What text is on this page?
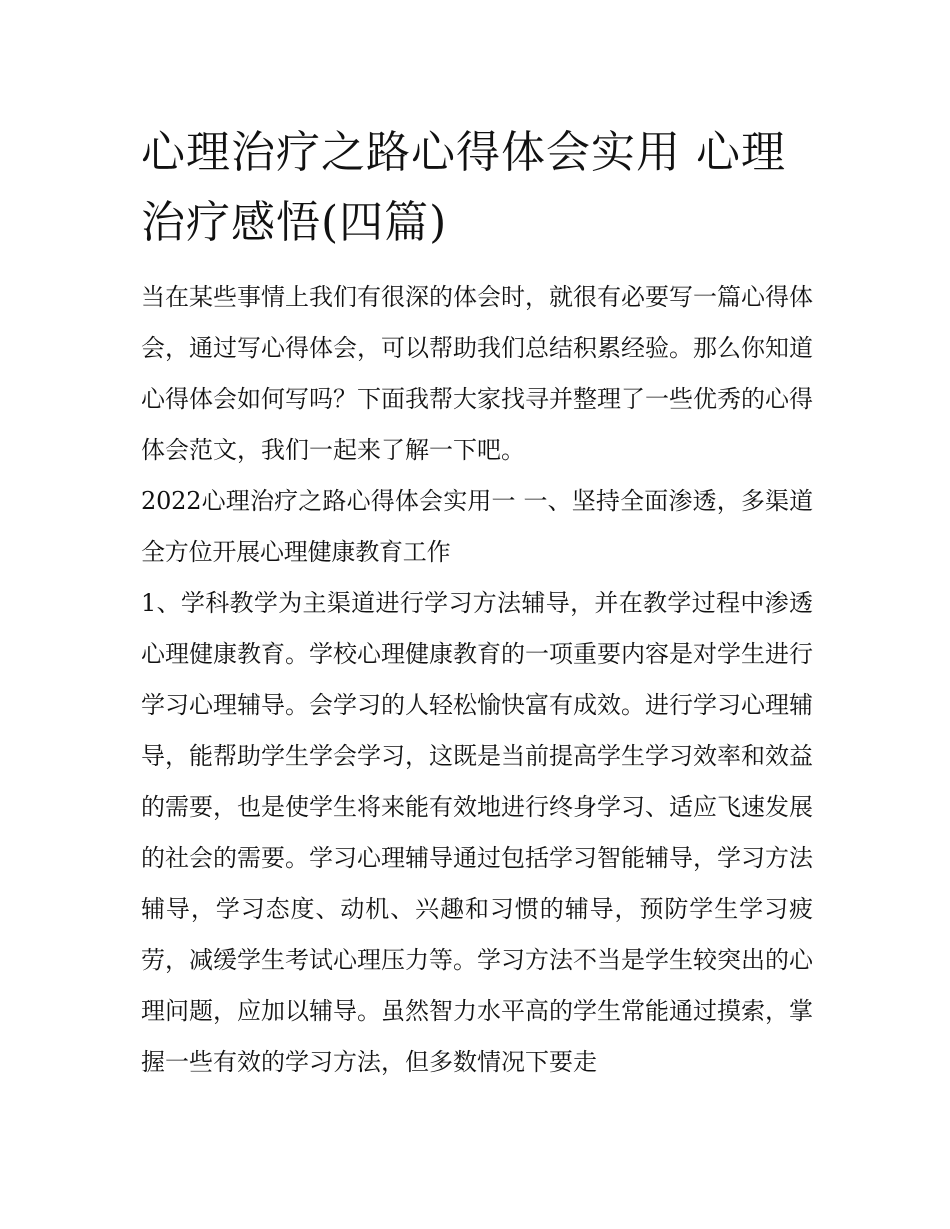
心理治疗之路心得体会实用 心理治疗感悟(四篇)

当在某些事情上我们有很深的体会时，就很有必要写一篇心得体会，通过写心得体会，可以帮助我们总结积累经验。那么你知道心得体会如何写吗？下面我帮大家找寻并整理了一些优秀的心得体会范文，我们一起来了解一下吧。

2022心理治疗之路心得体会实用一 一、坚持全面渗透，多渠道全方位开展心理健康教育工作

1、学科教学为主渠道进行学习方法辅导，并在教学过程中渗透心理健康教育。学校心理健康教育的一项重要内容是对学生进行学习心理辅导。会学习的人轻松愉快富有成效。进行学习心理辅导，能帮助学生学会学习，这既是当前提高学生学习效率和效益的需要，也是使学生将来能有效地进行终身学习、适应飞速发展的社会的需要。学习心理辅导通过包括学习智能辅导，学习方法辅导，学习态度、动机、兴趣和习惯的辅导，预防学生学习疲劳，减缓学生考试心理压力等。学习方法不当是学生较突出的心理问题，应加以辅导。虽然智力水平高的学生常能通过摸索，掌握一些有效的学习方法，但多数情况下要走
